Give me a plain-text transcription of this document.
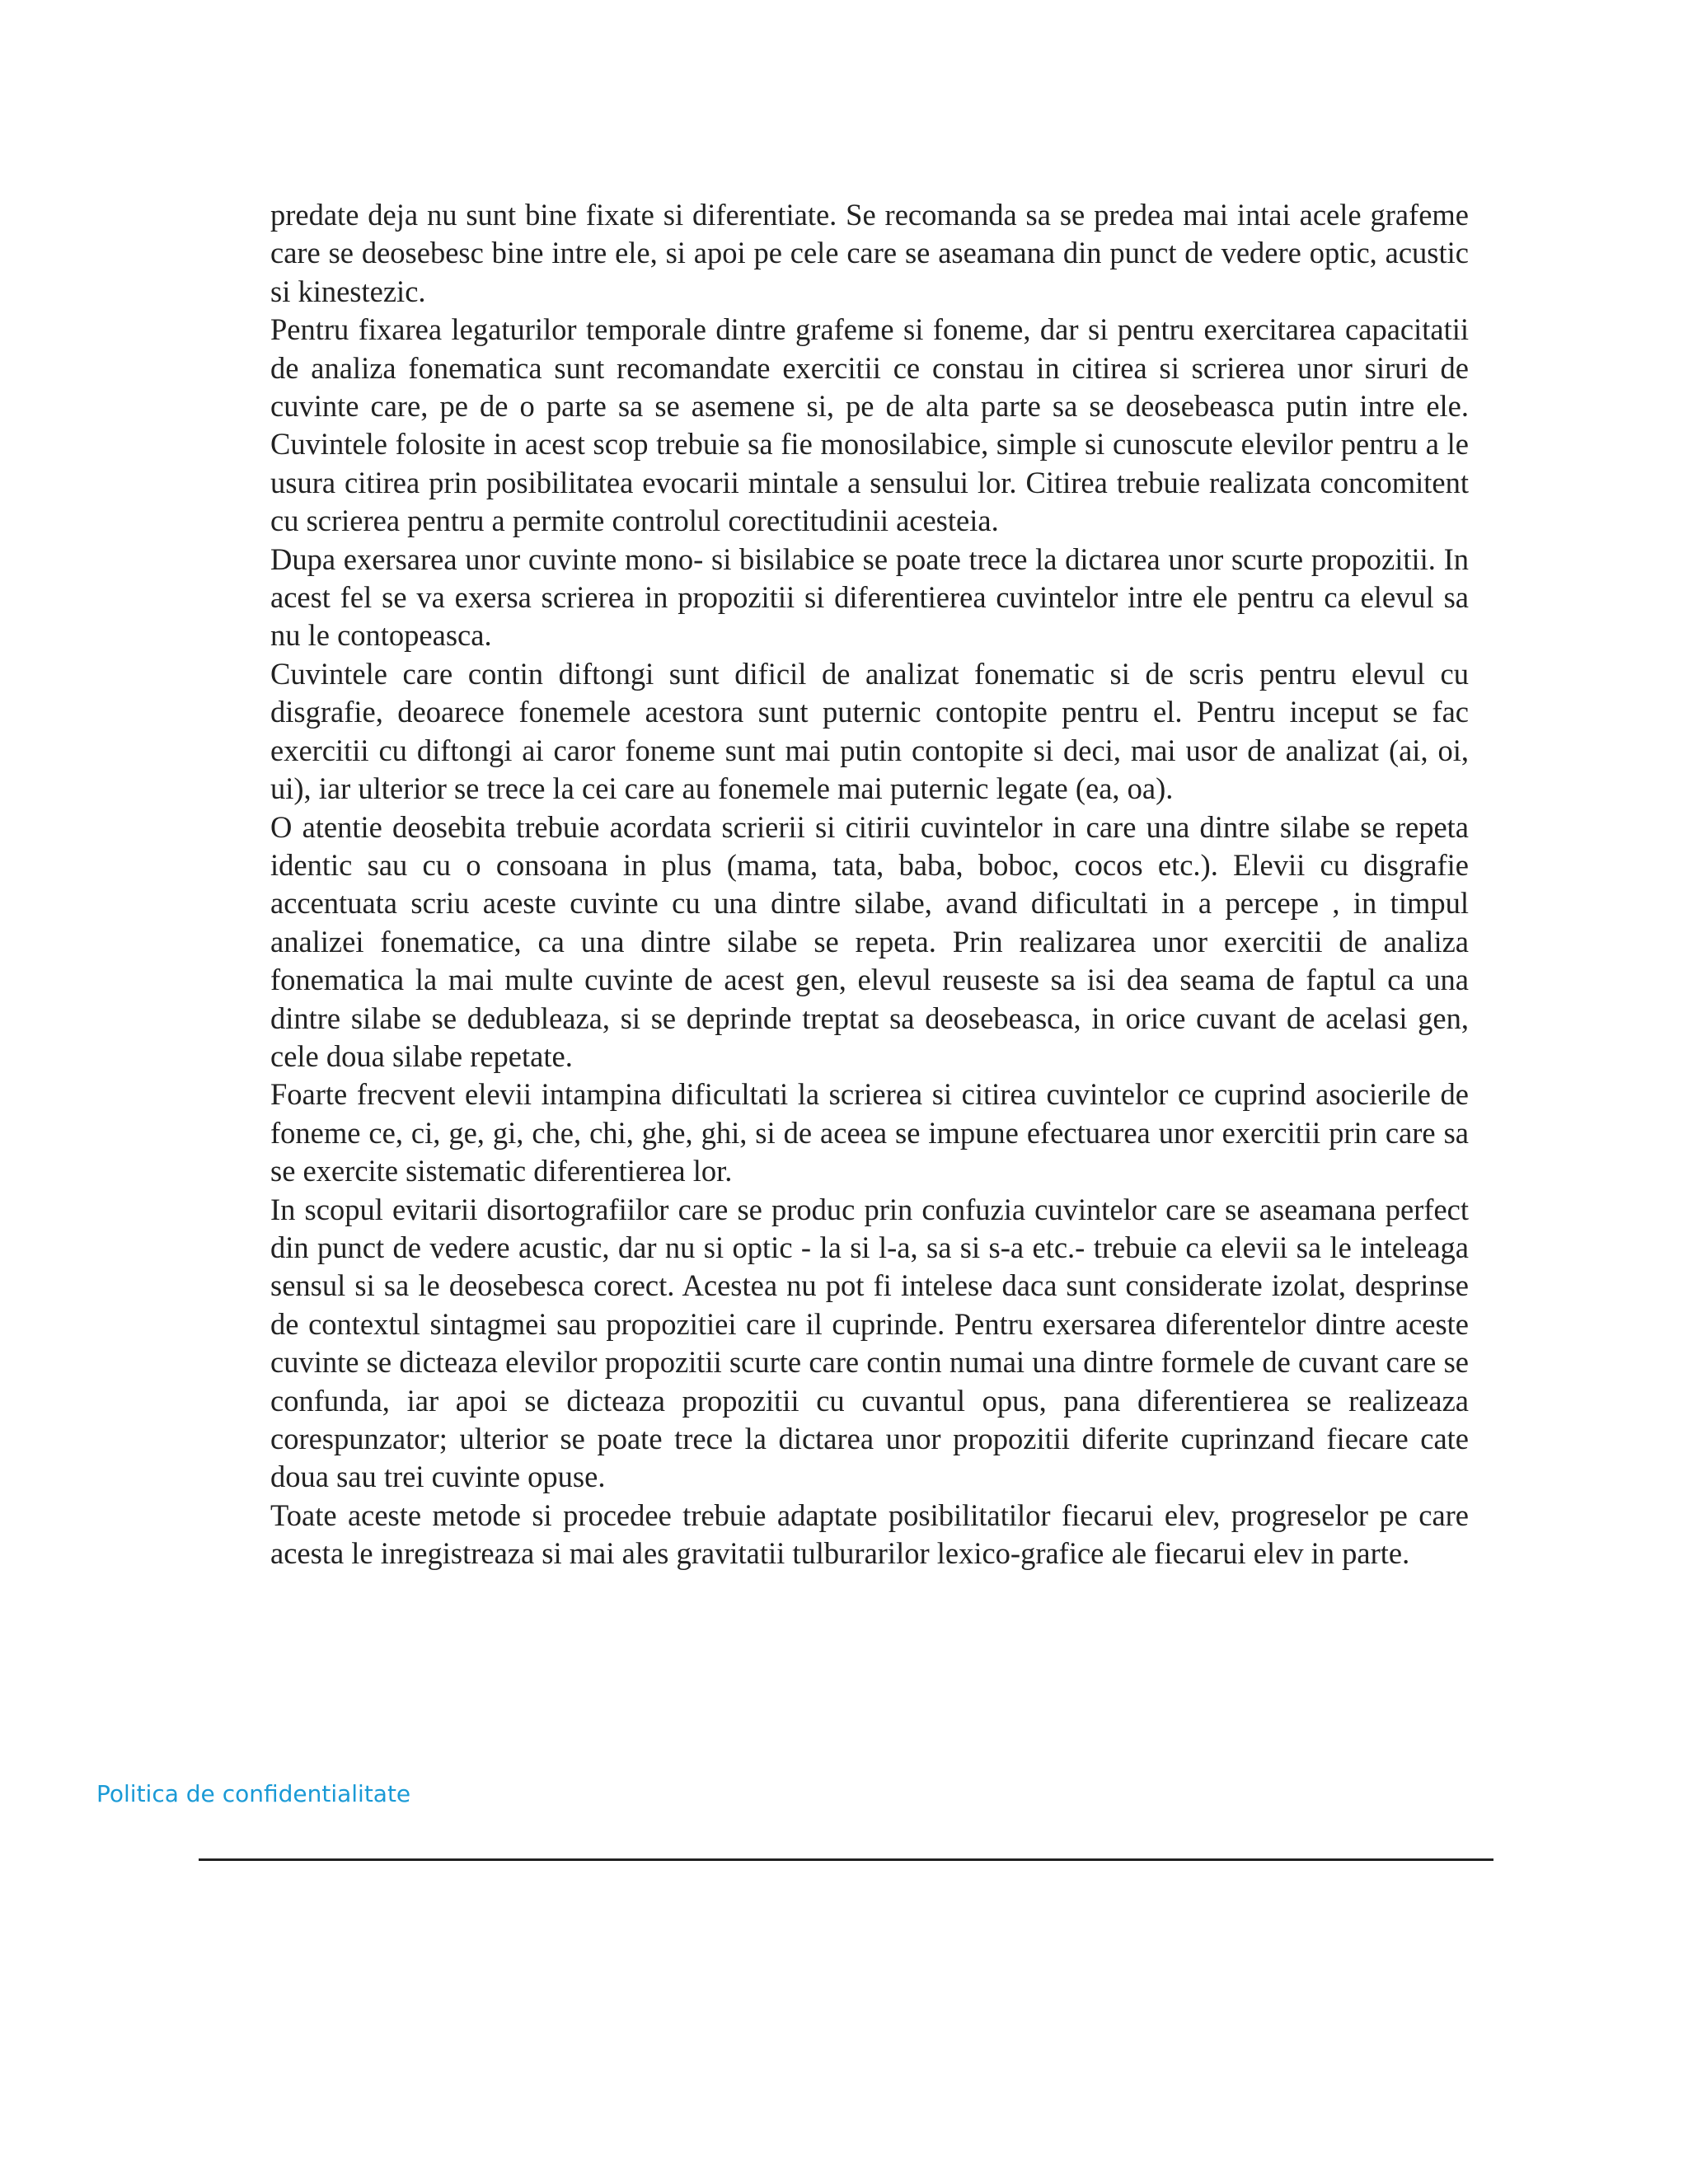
predate deja nu sunt bine fixate si diferentiate. Se recomanda sa se predea mai intai acele grafeme care se deosebesc bine intre ele, si apoi pe cele care se aseamana din punct de vedere optic, acustic si kinestezic.

Pentru fixarea legaturilor temporale dintre grafeme si foneme, dar si pentru exercitarea capacitatii de analiza fonematica sunt recomandate exercitii ce constau in citirea si scrierea unor siruri de cuvinte care, pe de o parte sa se asemene si, pe de alta parte sa se deosebeasca putin intre ele. Cuvintele folosite in acest scop trebuie sa fie monosilabice, simple si cunoscute elevilor pentru a le usura citirea prin posibilitatea evocarii mintale a sensului lor. Citirea trebuie realizata concomitent cu scrierea pentru a permite controlul corectitudinii acesteia.

Dupa exersarea unor cuvinte mono- si bisilabice se poate trece la dictarea unor scurte propozitii. In acest fel se va exersa scrierea in propozitii si diferentierea cuvintelor intre ele pentru ca elevul sa nu le contopeasca.

Cuvintele care contin diftongi sunt dificil de analizat fonematic si de scris pentru elevul cu disgrafie, deoarece fonemele acestora sunt puternic contopite pentru el. Pentru inceput se fac exercitii cu diftongi ai caror foneme sunt mai putin contopite si deci, mai usor de analizat (ai, oi, ui), iar ulterior se trece la cei care au fonemele mai puternic legate (ea, oa).

O atentie deosebita trebuie acordata scrierii si citirii cuvintelor in care una dintre silabe se repeta identic sau cu o consoana in plus (mama, tata, baba, boboc, cocos etc.). Elevii cu disgrafie accentuata scriu aceste cuvinte cu una dintre silabe, avand dificultati in a percepe , in timpul analizei fonematice, ca una dintre silabe se repeta. Prin realizarea unor exercitii de analiza fonematica la mai multe cuvinte de acest gen, elevul reuseste sa isi dea seama de faptul ca una dintre silabe se dedubleaza, si se deprinde treptat sa deosebeasca, in orice cuvant de acelasi gen, cele doua silabe repetate.

Foarte frecvent elevii intampina dificultati la scrierea si citirea cuvintelor ce cuprind asocierile de foneme ce, ci, ge, gi, che, chi, ghe, ghi, si de aceea se impune efectuarea unor exercitii prin care sa se exercite sistematic diferentierea lor.

In scopul evitarii disortografiilor care se produc prin confuzia cuvintelor care se aseamana perfect din punct de vedere acustic, dar nu si optic - la si l-a, sa si s-a etc.- trebuie ca elevii sa le inteleaga sensul si sa le deosebesca corect. Acestea nu pot fi intelese daca sunt considerate izolat, desprinse de contextul sintagmei sau propozitiei care il cuprinde. Pentru exersarea diferentelor dintre aceste cuvinte se dicteaza elevilor propozitii scurte care contin numai una dintre formele de cuvant care se confunda, iar apoi se dicteaza propozitii cu cuvantul opus, pana diferentierea se realizeaza corespunzator; ulterior se poate trece la dictarea unor propozitii diferite cuprinzand fiecare cate doua sau trei cuvinte opuse.

Toate aceste metode si procedee trebuie adaptate posibilitatilor fiecarui elev, progreselor pe care acesta le inregistreaza si mai ales gravitatii tulburarilor lexico-grafice ale fiecarui elev in parte.

Politica de confidentialitate
